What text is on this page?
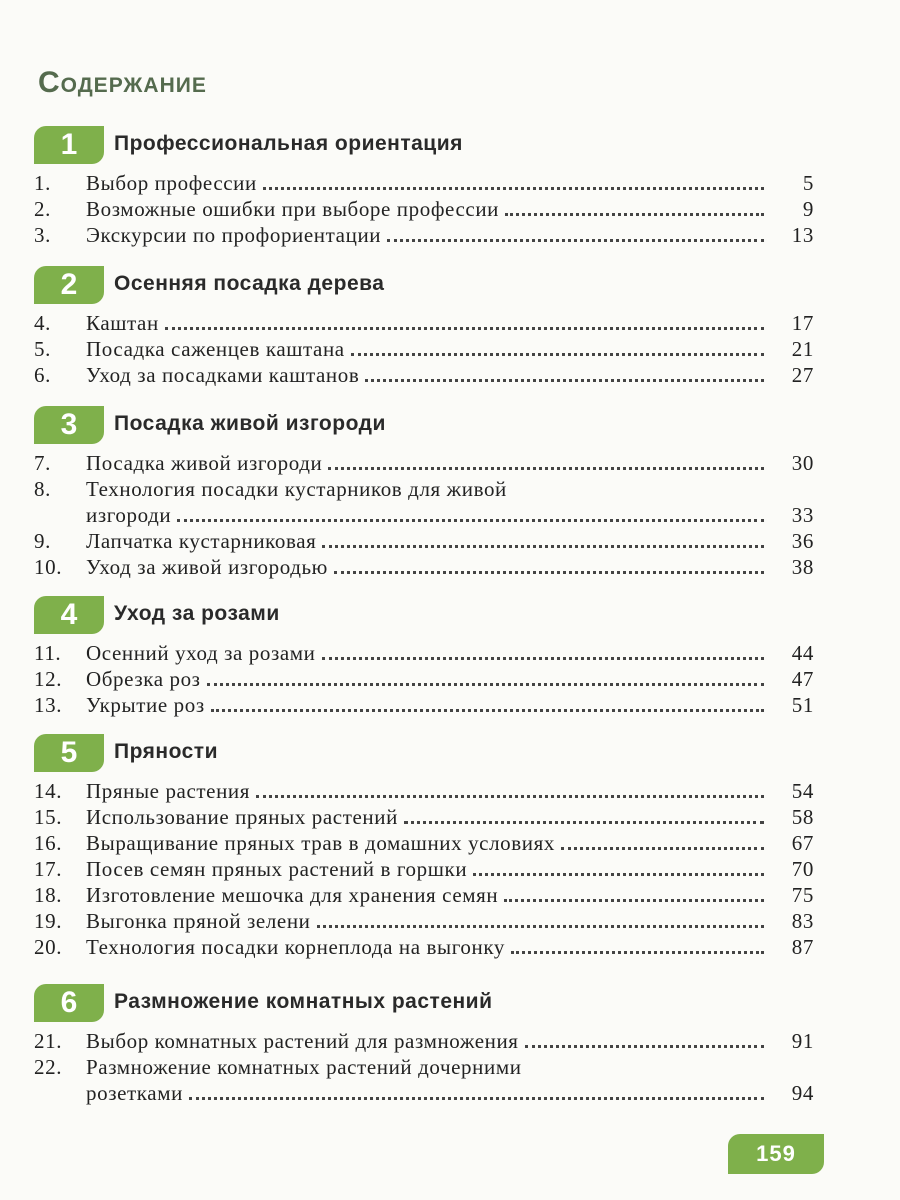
Содержание
1	Профессиональная ориентация
1.	Выбор профессии	5
2.	Возможные ошибки при выборе профессии	9
3.	Экскурсии по профориентации	13
2	Осенняя посадка дерева
4.	Каштан	17
5.	Посадка саженцев каштана	21
6.	Уход за посадками каштанов	27
3	Посадка живой изгороди
7.	Посадка живой изгороди	30
8.	Технология посадки кустарников для живой
изгороди	33
9.	Лапчатка кустарниковая	36
10.	Уход за живой изгородью	38
4	Уход за розами
11.	Осенний уход за розами	44
12.	Обрезка роз	47
13.	Укрытие роз	51
5	Пряности
14.	Пряные растения	54
15.	Использование пряных растений	58
16.	Выращивание пряных трав в домашних условиях	67
17.	Посев семян пряных растений в горшки	70
18.	Изготовление мешочка для хранения семян	75
19.	Выгонка пряной зелени	83
20.	Технология посадки корнеплода на выгонку	87
6	Размножение комнатных растений
21.	Выбор комнатных растений для размножения	91
22.	Размножение комнатных растений дочерними
розетками	94
159
